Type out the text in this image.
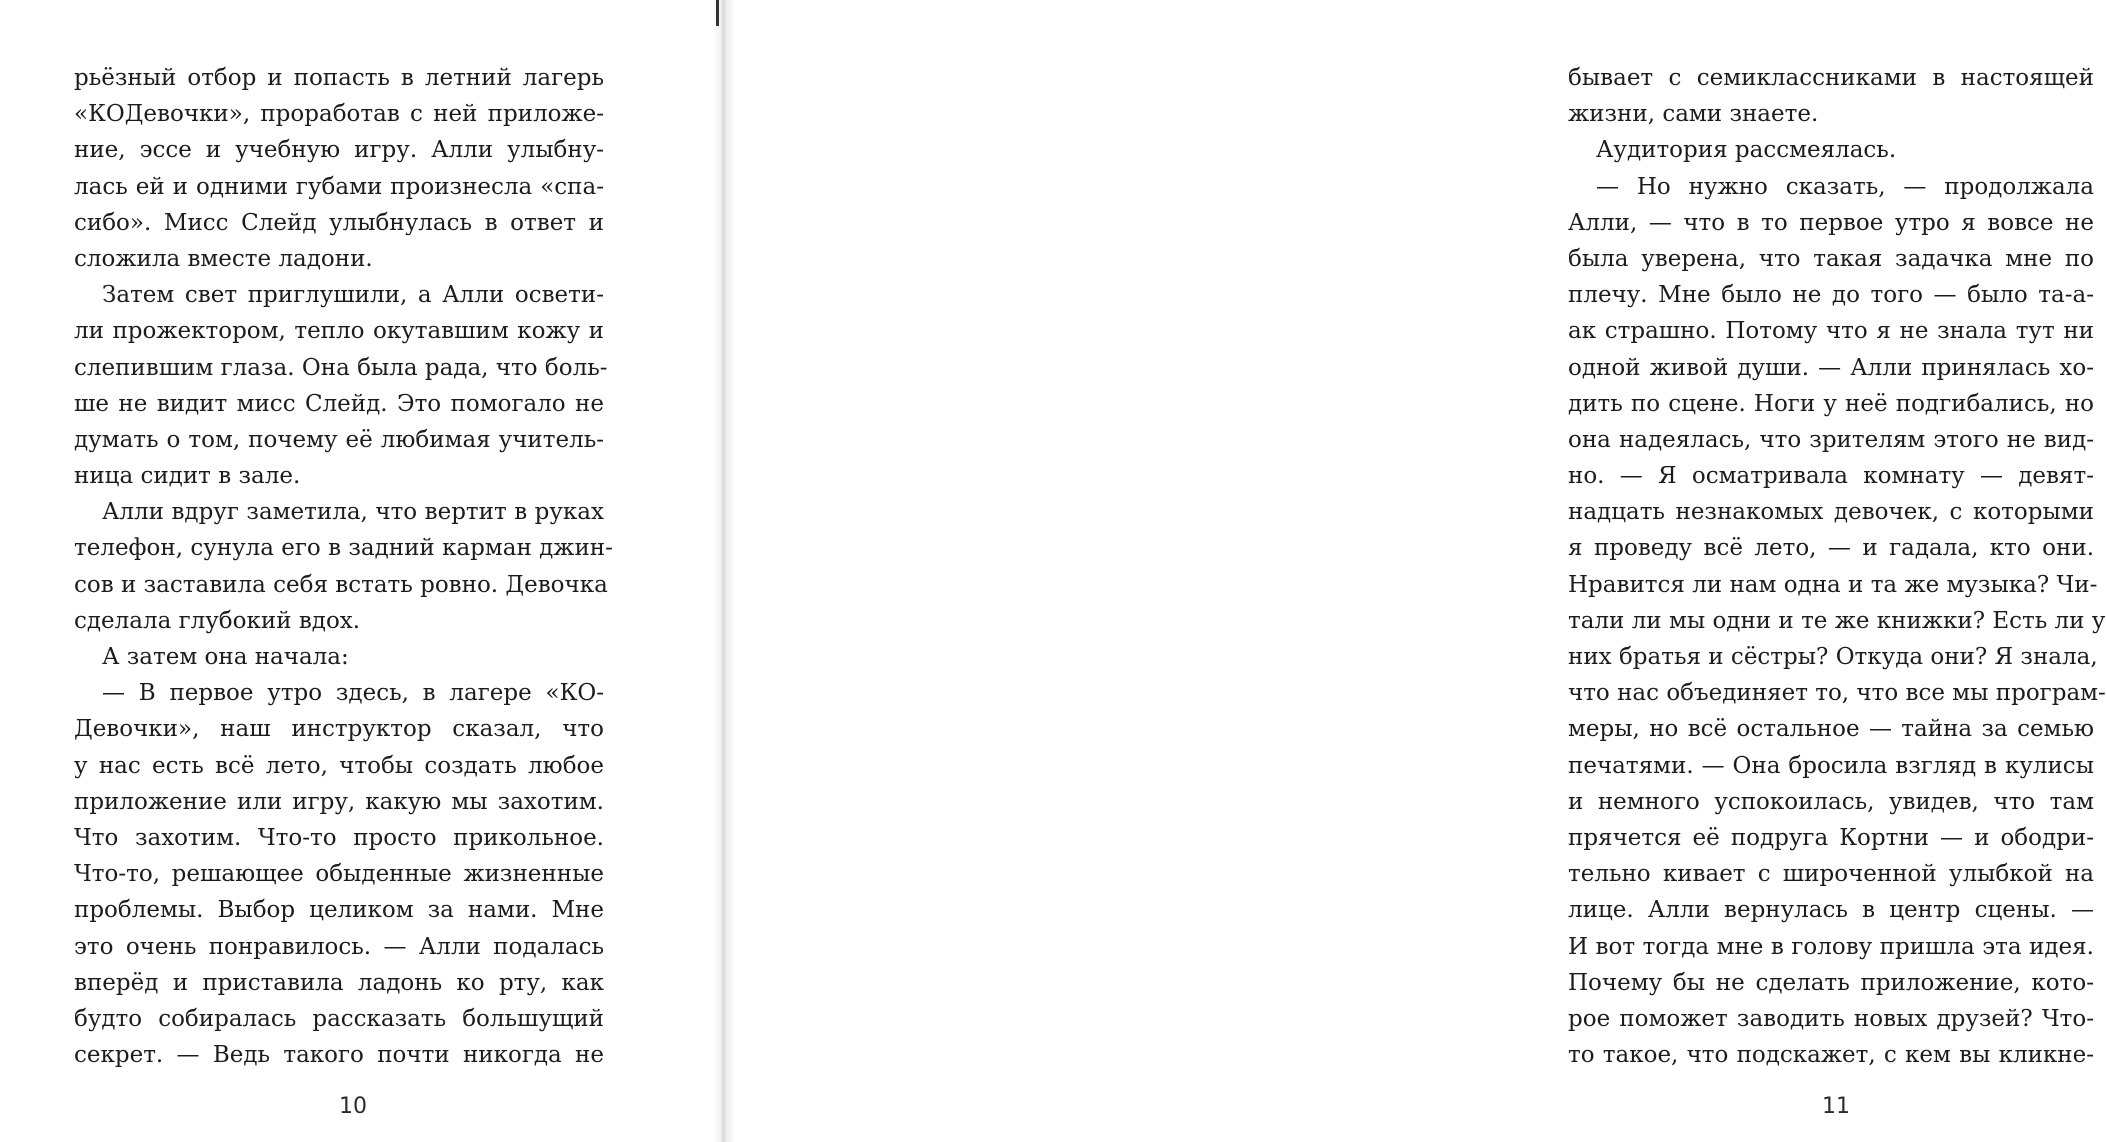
рьёзный отбор и попасть в летний лагерь
«КОДевочки», проработав с ней приложе-
ние, эссе и учебную игру. Алли улыбну-
лась ей и одними губами произнесла «спа-
сибо». Мисс Слейд улыбнулась в ответ и
сложила вместе ладони.
Затем свет приглушили, а Алли освети-
ли прожектором, тепло окутавшим кожу и
слепившим глаза. Она была рада, что боль-
ше не видит мисс Слейд. Это помогало не
думать о том, почему её любимая учитель-
ница сидит в зале.
Алли вдруг заметила, что вертит в руках
телефон, сунула его в задний карман джин-
сов и заставила себя встать ровно. Девочка
сделала глубокий вдох.
А затем она начала:
— В первое утро здесь, в лагере «КО-
Девочки», наш инструктор сказал, что
у нас есть всё лето, чтобы создать любое
приложение или игру, какую мы захотим.
Что захотим. Что-то просто прикольное.
Что-то, решающее обыденные жизненные
проблемы. Выбор целиком за нами. Мне
это очень понравилось. — Алли подалась
вперёд и приставила ладонь ко рту, как
будто собиралась рассказать большущий
секрет. — Ведь такого почти никогда не
10
бывает с семиклассниками в настоящей
жизни, сами знаете.
Аудитория рассмеялась.
— Но нужно сказать, — продолжала
Алли, — что в то первое утро я вовсе не
была уверена, что такая задачка мне по
плечу. Мне было не до того — было та-а-
ак страшно. Потому что я не знала тут ни
одной живой души. — Алли принялась хо-
дить по сцене. Ноги у неё подгибались, но
она надеялась, что зрителям этого не вид-
но. — Я осматривала комнату — девят-
надцать незнакомых девочек, с которыми
я проведу всё лето, — и гадала, кто они.
Нравится ли нам одна и та же музыка? Чи-
тали ли мы одни и те же книжки? Есть ли у
них братья и сёстры? Откуда они? Я знала,
что нас объединяет то, что все мы програм-
меры, но всё остальное — тайна за семью
печатями. — Она бросила взгляд в кулисы
и немного успокоилась, увидев, что там
прячется её подруга Кортни — и ободри-
тельно кивает с широченной улыбкой на
лице. Алли вернулась в центр сцены. —
И вот тогда мне в голову пришла эта идея.
Почему бы не сделать приложение, кото-
рое поможет заводить новых друзей? Что-
то такое, что подскажет, с кем вы кликне-
11
